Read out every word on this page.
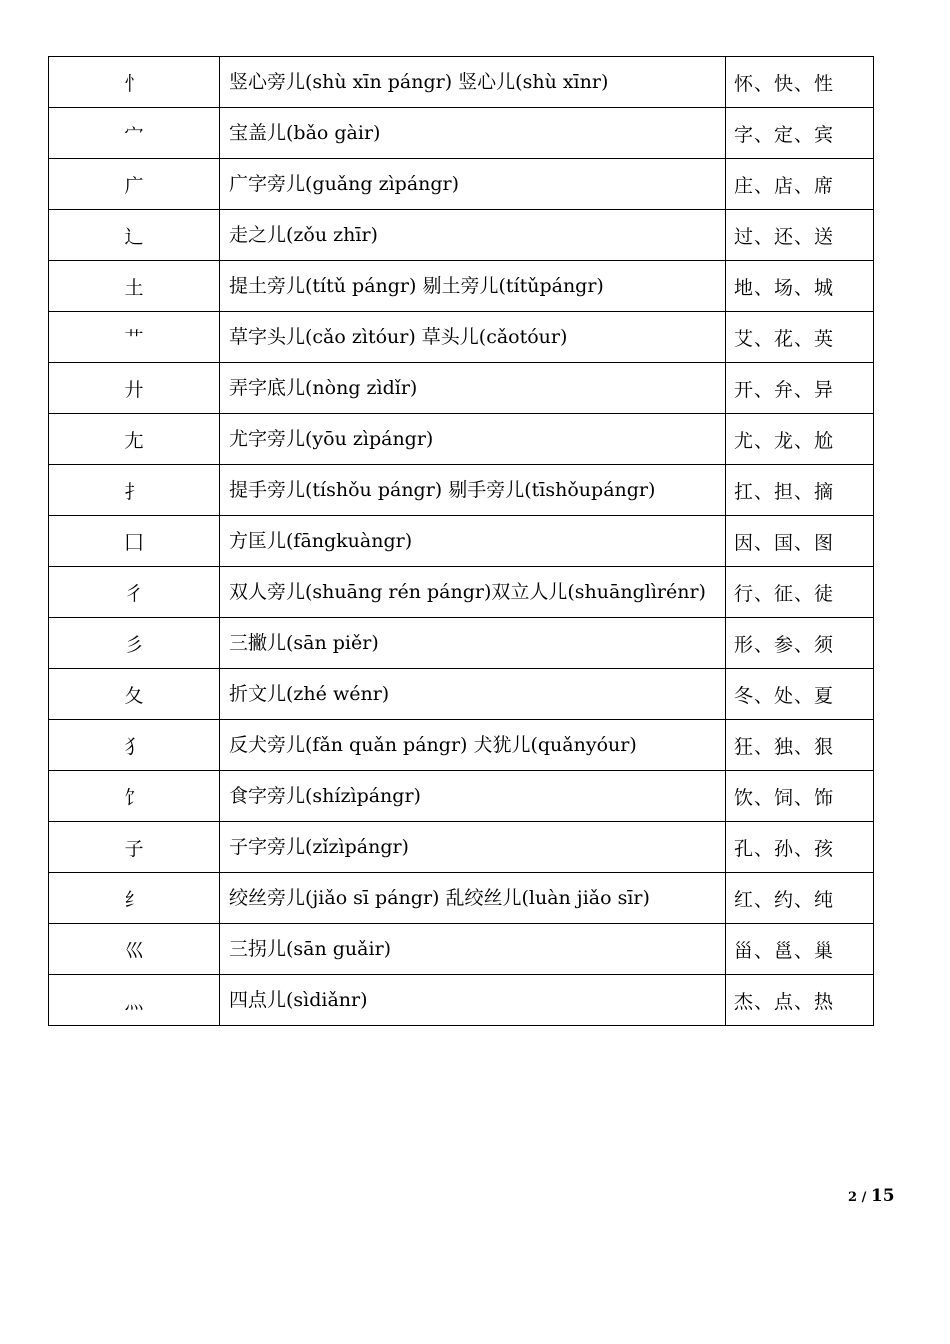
忄	竖心旁儿(shù xīn pángr) 竖心儿(shù xīnr)	怀、快、性
宀	宝盖儿(bǎo gàir)	字、定、宾
广	广字旁儿(guǎng zìpángr)	庄、店、席
辶	走之儿(zǒu zhīr)	过、还、送
土	提土旁儿(títǔ pángr) 剔土旁儿(títǔpángr)	地、场、城
艹	草字头儿(cǎo zìtóur) 草头儿(cǎotóur)	艾、花、英
廾	弄字底儿(nòng zìdǐr)	开、弁、异
尢	尤字旁儿(yōu zìpángr)	尤、龙、尬
扌	提手旁儿(tíshǒu pángr) 剔手旁儿(tīshǒupángr)	扛、担、摘
囗	方匡儿(fāngkuàngr)	因、国、图
彳	双人旁儿(shuāng rén pángr)双立人儿(shuānglìrénr)	行、征、徒
彡	三撇儿(sān piěr)	形、参、须
夂	折文儿(zhé wénr)	冬、处、夏
犭	反犬旁儿(fǎn quǎn pángr) 犬犹儿(quǎnyóur)	狂、独、狠
饣	食字旁儿(shízìpángr)	饮、饲、饰
子	子字旁儿(zǐzìpángr)	孔、孙、孩
纟	绞丝旁儿(jiǎo sī pángr) 乱绞丝儿(luàn jiǎo sīr)	红、约、纯
巛	三拐儿(sān guǎir)	甾、邕、巢
灬	四点儿(sìdiǎnr)	杰、点、热
2 / 15
